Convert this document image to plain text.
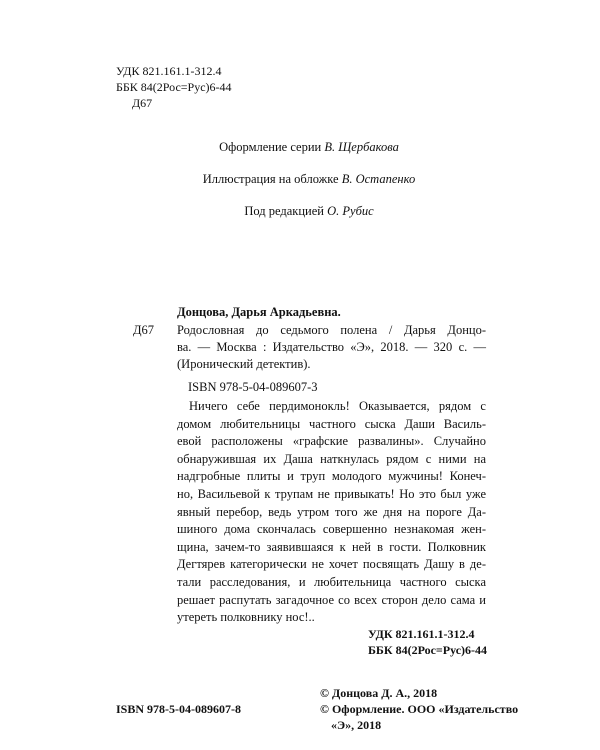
УДК 821.161.1-312.4
ББК 84(2Рос=Рус)6-44
Д67
Оформление серии В. Щербакова
Иллюстрация на обложке В. Остапенко
Под редакцией О. Рубис
Донцова, Дарья Аркадьевна.
Д67 Родословная до седьмого полена / Дарья Донцо-
ва. — Москва : Издательство «Э», 2018. — 320 с. —
(Иронический детектив).
ISBN 978-5-04-089607-3
Ничего себе пердимонокль! Оказывается, рядом с
домом любительницы частного сыска Даши Василь-
евой расположены «графские развалины». Случайно
обнаружившая их Даша наткнулась рядом с ними на
надгробные плиты и труп молодого мужчины! Конеч-
но, Васильевой к трупам не привыкать! Но это был уже
явный перебор, ведь утром того же дня на пороге Да-
шиного дома скончалась совершенно незнакомая жен-
щина, зачем-то заявившаяся к ней в гости. Полковник
Дегтярев категорически не хочет посвящать Дашу в де-
тали расследования, и любительница частного сыска
решает распутать загадочное со всех сторон дело сама и
утереть полковнику нос!..
УДК 821.161.1-312.4
ББК 84(2Рос=Рус)6-44
© Донцова Д. А., 2018
© Оформление. ООО «Издательство
«Э», 2018
ISBN 978-5-04-089607-8
